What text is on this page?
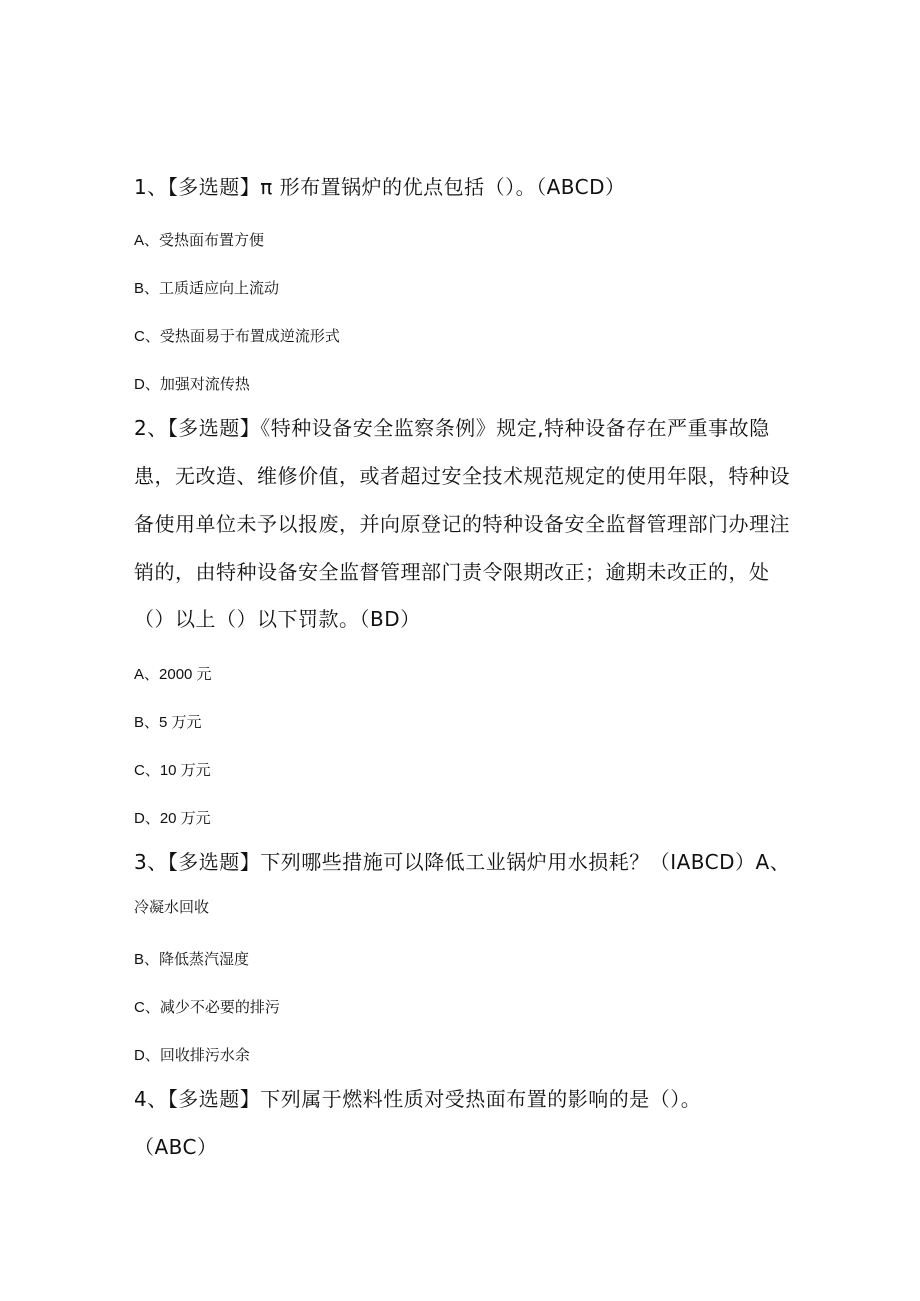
1、【多选题】π 形布置锅炉的优点包括（）。（ABCD）
A、受热面布置方便
B、工质适应向上流动
C、受热面易于布置成逆流形式
D、加强对流传热
2、【多选题】《特种设备安全监察条例》规定,特种设备存在严重事故隐
患，无改造、维修价值，或者超过安全技术规范规定的使用年限，特种设
备使用单位未予以报废，并向原登记的特种设备安全监督管理部门办理注
销的，由特种设备安全监督管理部门责令限期改正；逾期未改正的，处
（）以上（）以下罚款。（BD）
A、2000 元
B、5 万元
C、10 万元
D、20 万元
3、【多选题】下列哪些措施可以降低工业锅炉用水损耗？（IABCD）A、
冷凝水回收
B、降低蒸汽湿度
C、减少不必要的排污
D、回收排污水余
4、【多选题】下列属于燃料性质对受热面布置的影响的是（）。
（ABC）
